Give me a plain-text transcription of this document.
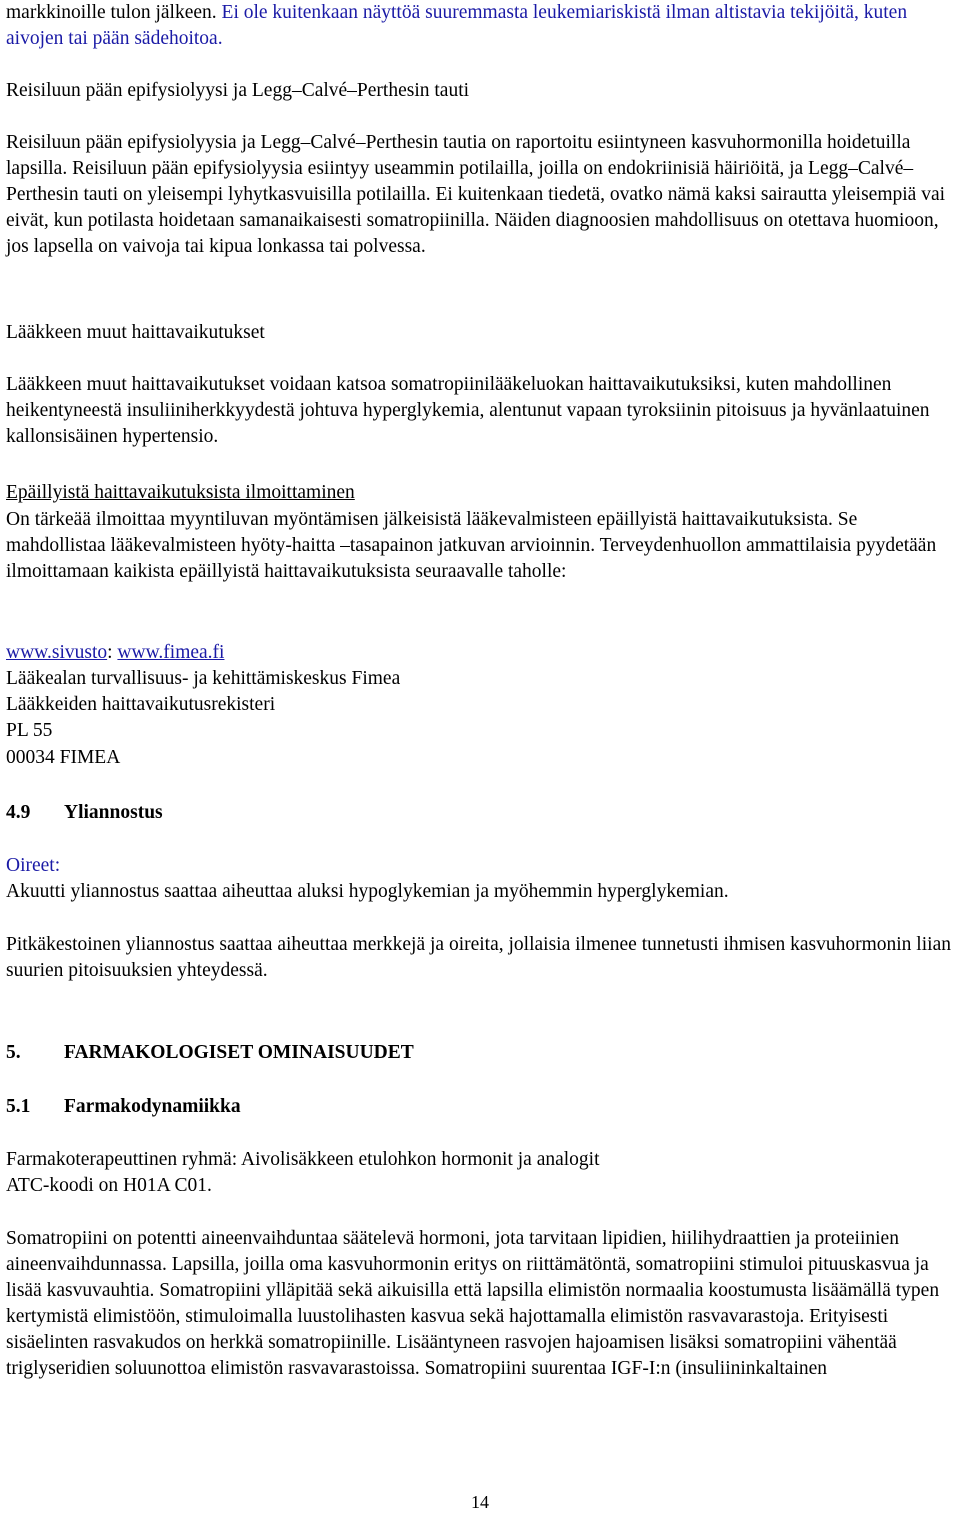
markkinoille tulon jälkeen. Ei ole kuitenkaan näyttöä suuremmasta leukemiariskistä ilman altistavia tekijöitä, kuten aivojen tai pään sädehoitoa.

Reisiluun pään epifysiolyysi ja Legg–Calvé–Perthesin tauti

Reisiluun pään epifysiolyysia ja Legg–Calvé–Perthesin tautia on raportoitu esiintyneen kasvuhormonilla hoidetuilla lapsilla. Reisiluun pään epifysiolyysia esiintyy useammin potilailla, joilla on endokriinisiä häiriöitä, ja Legg–Calvé–Perthesin tauti on yleisempi lyhytkasvuisilla potilailla. Ei kuitenkaan tiedetä, ovatko nämä kaksi sairautta yleisempiä vai eivät, kun potilasta hoidetaan samanaikaisesti somatropiinilla. Näiden diagnoosien mahdollisuus on otettava huomioon, jos lapsella on vaivoja tai kipua lonkassa tai polvessa.

Lääkkeen muut haittavaikutukset

Lääkkeen muut haittavaikutukset voidaan katsoa somatropiinilääkeluokan haittavaikutuksiksi, kuten mahdollinen heikentyneestä insuliiniherkkyydestä johtuva hyperglykemia, alentunut vapaan tyroksiinin pitoisuus ja hyvänlaatuinen kallonsisäinen hypertensio.

Epäillyistä haittavaikutuksista ilmoittaminen

On tärkeää ilmoittaa myyntiluvan myöntämisen jälkeisistä lääkevalmisteen epäillyistä haittavaikutuksista. Se mahdollistaa lääkevalmisteen hyöty-haitta –tasapainon jatkuvan arvioinnin. Terveydenhuollon ammattilaisia pyydetään ilmoittamaan kaikista epäillyistä haittavaikutuksista seuraavalle taholle:

www.sivusto: www.fimea.fi

Lääkealan turvallisuus- ja kehittämiskeskus Fimea

Lääkkeiden haittavaikutusrekisteri

PL 55

00034 FIMEA

4.9 Yliannostus

Oireet:

Akuutti yliannostus saattaa aiheuttaa aluksi hypoglykemian ja myöhemmin hyperglykemian.

Pitkäkestoinen yliannostus saattaa aiheuttaa merkkejä ja oireita, jollaisia ilmenee tunnetusti ihmisen kasvuhormonin liian suurien pitoisuuksien yhteydessä.

5. FARMAKOLOGISET OMINAISUUDET

5.1 Farmakodynamiikka

Farmakoterapeuttinen ryhmä: Aivolisäkkeen etulohkon hormonit ja analogit

ATC-koodi on H01A C01.

Somatropiini on potentti aineenvaihduntaa säätelevä hormoni, jota tarvitaan lipidien, hiilihydraattien ja proteiinien aineenvaihdunnassa. Lapsilla, joilla oma kasvuhormonin eritys on riittämätöntä, somatropiini stimuloi pituuskasvua ja lisää kasvuvauhtia. Somatropiini ylläpitää sekä aikuisilla että lapsilla elimistön normaalia koostumusta lisäämällä typen kertymistä elimistöön, stimuloimalla luustolihasten kasvua sekä hajottamalla elimistön rasvavarastoja. Erityisesti sisäelinten rasvakudos on herkkä somatropiinille. Lisääntyneen rasvojen hajoamisen lisäksi somatropiini vähentää triglyseridien soluunottoa elimistön rasvavarastoissa. Somatropiini suurentaa IGF-I:n (insuliininkaltainen

14
